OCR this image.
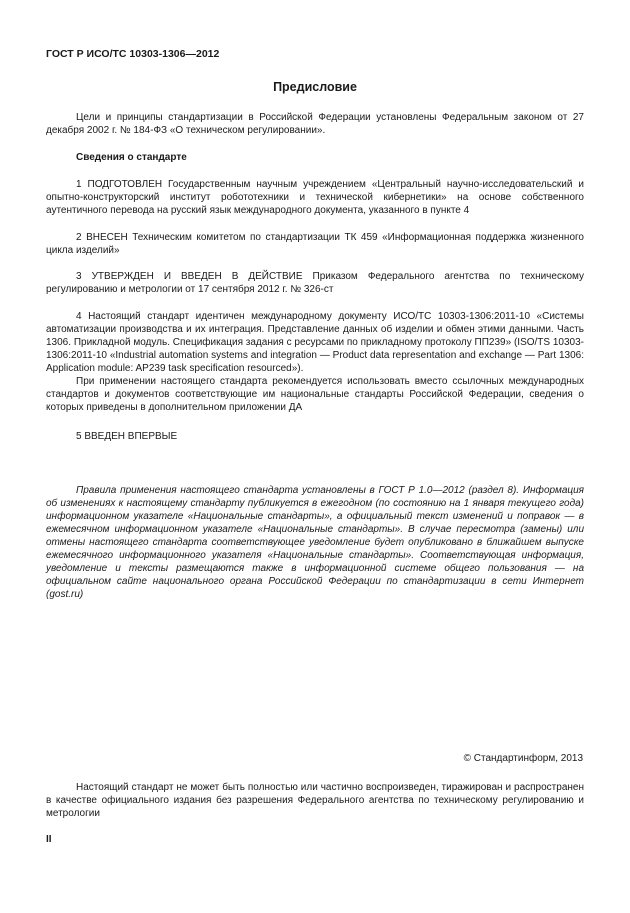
ГОСТ Р ИСО/ТС 10303-1306—2012
Предисловие

Цели и принципы стандартизации в Российской Федерации установлены Федеральным законом от 27 декабря 2002 г. № 184-ФЗ «О техническом регулировании».

Сведения о стандарте

1 ПОДГОТОВЛЕН Государственным научным учреждением «Центральный научно-исследовательский и опытно-конструкторский институт робототехники и технической кибернетики» на основе собственного аутентичного перевода на русский язык международного документа, указанного в пункте 4

2 ВНЕСЕН Техническим комитетом по стандартизации ТК 459 «Информационная поддержка жизненного цикла изделий»

3 УТВЕРЖДЕН И ВВЕДЕН В ДЕЙСТВИЕ Приказом Федерального агентства по техническому регулированию и метрологии от 17 сентября 2012 г. № 326-ст

4 Настоящий стандарт идентичен международному документу ИСО/ТС 10303-1306:2011-10 «Системы автоматизации производства и их интеграция. Представление данных об изделии и обмен этими данными. Часть 1306. Прикладной модуль. Спецификация задания с ресурсами по прикладному протоколу ПП239» (ISO/TS 10303-1306:2011-10 «Industrial automation systems and integration — Product data representation and exchange — Part 1306: Application module: AP239 task specification resourced»).

При применении настоящего стандарта рекомендуется использовать вместо ссылочных международных стандартов и документов соответствующие им национальные стандарты Российской Федерации, сведения о которых приведены в дополнительном приложении ДА

5 ВВЕДЕН ВПЕРВЫЕ

Правила применения настоящего стандарта установлены в ГОСТ Р 1.0—2012 (раздел 8). Информация об изменениях к настоящему стандарту публикуется в ежегодном (по состоянию на 1 января текущего года) информационном указателе «Национальные стандарты», а официальный текст изменений и поправок — в ежемесячном информационном указателе «Национальные стандарты». В случае пересмотра (замены) или отмены настоящего стандарта соответствующее уведомление будет опубликовано в ближайшем выпуске ежемесячного информационного указателя «Национальные стандарты». Соответствующая информация, уведомление и тексты размещаются также в информационной системе общего пользования — на официальном сайте национального органа Российской Федерации по стандартизации в сети Интернет (gost.ru)

© Стандартинформ, 2013

Настоящий стандарт не может быть полностью или частично воспроизведен, тиражирован и распространен в качестве официального издания без разрешения Федерального агентства по техническому регулированию и метрологии

II
